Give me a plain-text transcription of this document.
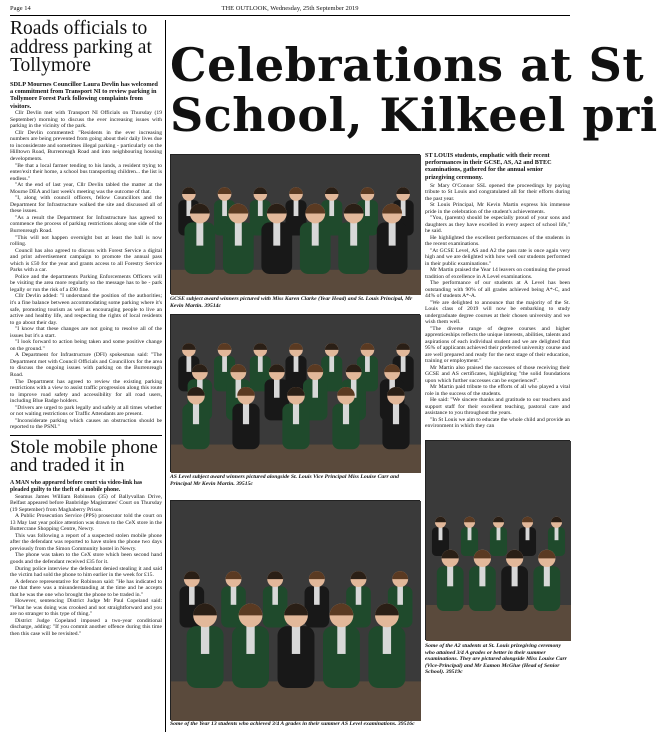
Page 14	THE OUTLOOK, Wednesday, 25th September 2019
Roads officials to address parking at Tollymore
SDLP Mournes Councillor Laura Devlin has welcomed a commitment from Transport NI to review parking in Tollymore Forest Park following complaints from visitors.

Cllr Devlin met with Transport NI Officials on Thursday (19 September) morning to discuss the ever increasing issues with parking in the vicinity of the park.

Cllr Devlin commented: "Residents in the ever increasing numbers are being prevented from going about their daily lives due to inconsiderate and sometimes illegal parking - particularly on the Hilltown Road, Burrenreagh Road and into neighbouring housing developments.

"Be that a local farmer tending to his lands, a resident trying to enter/exit their home, a school bus transporting children... the list is endless."

"At the end of last year, Cllr Devlin tabled the matter at the Mourne DEA and last week's meeting was the outcome of that.

"I, along with council officers, fellow Councillors and the Department for Infrastructure walked the site and discussed all of these issues.

"As a result the Department for Infrastructure has agreed to commence the process of parking restrictions along one side of the Burrenreagh Road.

"This will not happen overnight but at least the ball is now rolling.

Council has also agreed to discuss with Forest Service a digital and print advertisement campaign to promote the annual pass which is £50 for the year and grants access to all Forestry Service Parks with a car.

Police and the departments Parking Enforcements Officers will be visiting the area more regularly so the message has to be - park legally or run the risk of a £90 fine.

Cllr Devlin added: "I understand the position of the authorities; it's a fine balance between accommodating some parking where it's safe, promoting tourism as well as encouraging people to live an active and healthy life, and respecting the rights of local residents to go about their day.

"I know that these changes are not going to resolve all of the issues but it's a start.

"I look forward to action being taken and some positive change on the ground."

A Department for Infrastructure (DFI) spokesman said: "The Department met with Council Officials and Councillors for the area to discuss the ongoing issues with parking on the Burrenreagh Road.

The Department has agreed to review the existing parking restrictions with a view to assist traffic progression along this route to improve road safety and accessibility for all road users, including Blue Badge holders.

"Drivers are urged to park legally and safely at all times whether or not waiting restrictions or Traffic Attendants are present.

"Inconsiderate parking which causes an obstruction should be reported to the PSNI."

Stole mobile phone and traded it in
A MAN who appeared before court via video-link has pleaded guilty to the theft of a mobile phone.

Seamus James William Robinson (35) of Ballyvallan Drive, Belfast appeared before Banbridge Magistrates' Court on Thursday (19 September) from Maghaberry Prison.

A Public Prosecution Service (PPS) prosecutor told the court on 13 May last year police attention was drawn to the CeX store in the Buttercrane Shopping Centre, Newry.

This was following a report of a suspected stolen mobile phone after the defendant was reported to have stolen the phone two days previously from the Simon Community hostel in Newry.

The phone was taken to the CeX store which been second hand goods and the defendant received £35 for it.

During police interview the defendant denied stealing it and said the victim had sold the phone to him earlier in the week for £15.

A defence representative for Robinson said: "He has indicated to me that there was a misunderstanding at the time and he accepts that he was the one who brought the phone to be traded in."

However, sentencing District Judge Mr Paul Copeland said: "What he was doing was crooked and not straightforward and you are no stranger to this type of thing."

District Judge Copeland imposed a two-year conditional discharge, adding: "If you commit another offence during this time then this case will be revisited."

Celebrations at St
School, Kilkeel pri
GCSE subject award winners pictured with Miss Karen Clarke (Year Head) and St. Louis Principal, Mr Kevin Martin. 39514c
AS Level subject award winners pictured alongside St. Louis Vice Principal Miss Louise Carr and Principal Mr Kevin Martin. 39515c
Some of the Year 13 students who achieved 3/4 A grades in their summer AS Level examinations. 39516c
Some of the A2 students at St. Louis prizegiving ceremony who attained 3/4 A grades or better in their summer examinations. They are pictured alongside Miss Louise Carr (Vice-Principal) and Mr Eamon McGlue (Head of Senior School). 39519c
ST LOUIS students, emphatic with their recent performances in their GCSE, AS, A2 and BTEC examinations, gathered for the annual senior prizegiving ceremony.

Sr Mary O'Connor SSL opened the proceedings by paying tribute to St Louis and congratulated all for their efforts during the past year.

St Louis Principal, Mr Kevin Martin express his immense pride in the celebration of the student's achievements.

"You, (parents) should be especially proud of your sons and daughters as they have excelled in every aspect of school life," he said.

He highlighted the excellent performances of the students in the recent examinations.

"At GCSE Level, AS and A2 the pass rate is once again very high and we are delighted with how well our students performed in their public examinations."

Mr Martin praised the Year 14 leavers on continuing the proud tradition of excellence in A Level examinations.

The performance of our students at A Level has been outstanding with 90% of all grades achieved being A*-C, and 44% of students A*-A.

"We are delighted to announce that the majority of the St. Louis class of 2019 will now be embarking to study undergraduate degree courses at their chosen university and we wish them well.

"The diverse range of degree courses and higher apprenticeships reflects the unique interests, abilities, talents and aspirations of each individual student and we are delighted that 95% of applicants achieved their preferred university course and are well prepared and ready for the next stage of their education, training or employment."

Mr Martin also praised the successes of those receiving their GCSE and AS certificates, highlighting "the solid foundations upon which further successes can be experienced".

Mr Martin paid tribute to the efforts of all who played a vital role in the success of the students.

He said: "We sincere thanks and gratitude to our teachers and support staff for their excellent teaching, pastoral care and assistance to you throughout the years.

"In St Louis we aim to educate the whole child and provide an environment in which they can
